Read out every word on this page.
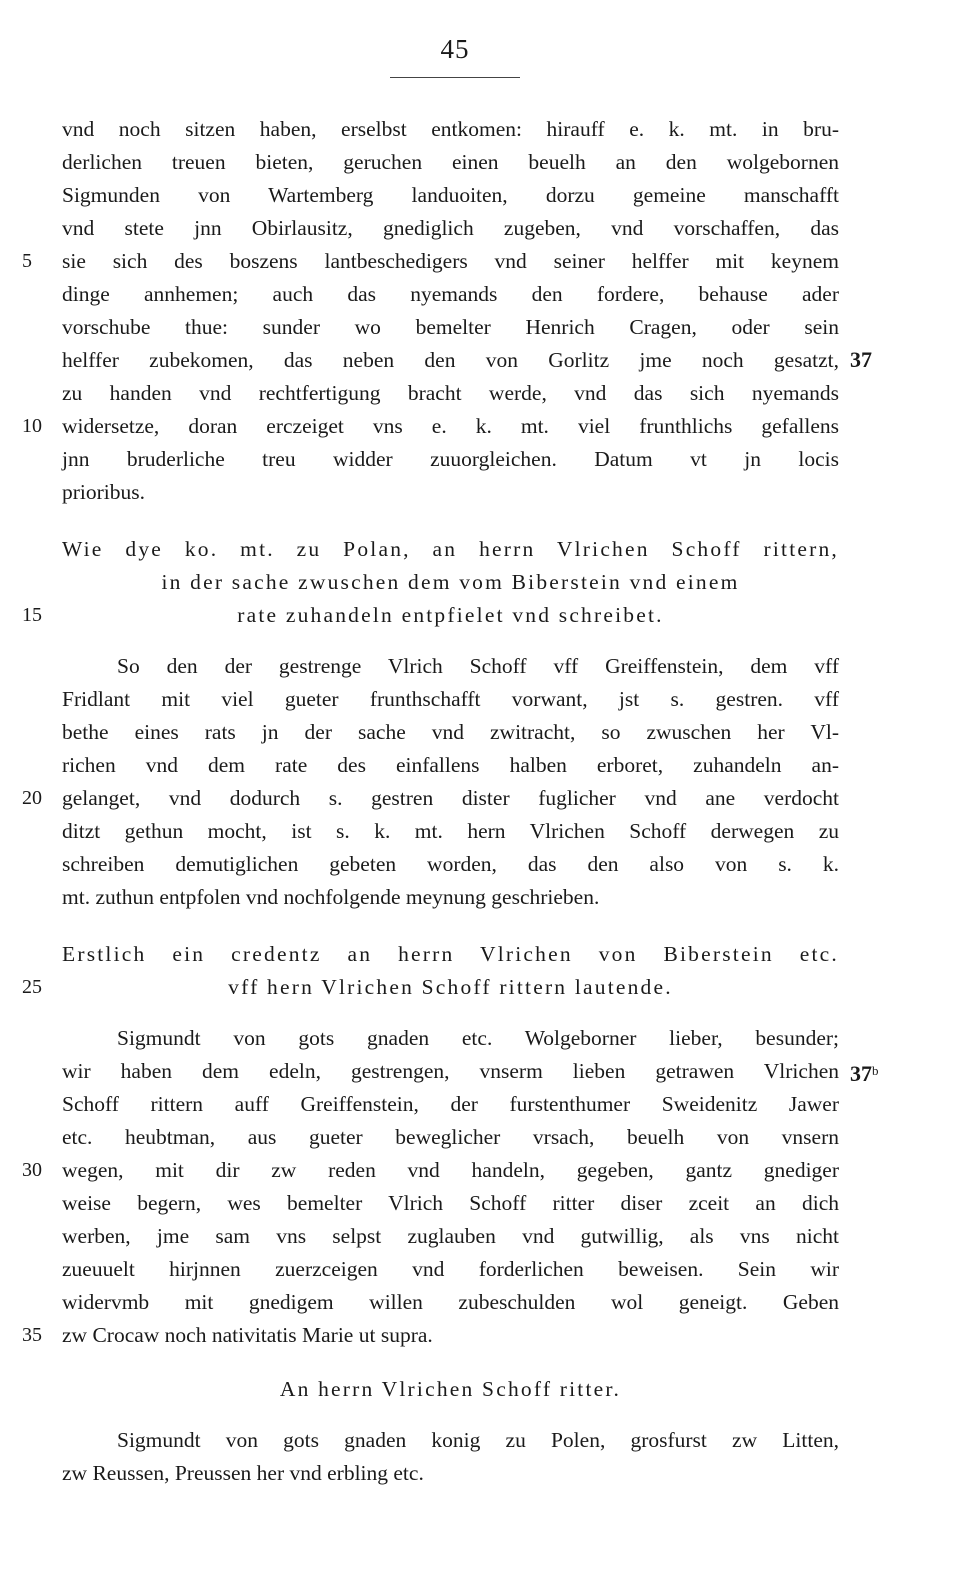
45
vnd noch sitzen haben, erselbst entkomen: hirauff e. k. mt. in bru-
derlichen treuen bieten, geruchen einen beuelh an den wolgebornen
Sigmunden von Wartemberg landuoiten, dorzu gemeine manschafft
vnd stete jnn Obirlausitz, gnediglich zugeben, vnd vorschaffen, das
sie sich des boszens lantbeschedigers vnd seiner helffer mit keynem
dinge annhemen; auch das nyemands den fordere, behause ader
vorschube thue: sunder wo bemelter Henrich Cragen, oder sein
helffer zubekomen, das neben den von Gorlitz jme noch gesatzt,
zu handen vnd rechtfertigung bracht werde, vnd das sich nyemands
widersetze, doran erczeiget vns e. k. mt. viel frunthlichs gefallens
jnn bruderliche treu widder zuuorgleichen. Datum vt jn locis
prioribus.
Wie dye ko. mt. zu Polan, an herrn Vlrichen Schoff rittern,
in der sache zwuschen dem vom Biberstein vnd einem
rate zuhandeln entpfielet vnd schreibet.
So den der gestrenge Vlrich Schoff vff Greiffenstein, dem vff
Fridlant mit viel gueter frunthschafft vorwant, jst s. gestren. vff
bethe eines rats jn der sache vnd zwitracht, so zwuschen her Vl-
richen vnd dem rate des einfallens halben erboret, zuhandeln an-
gelanget, vnd dodurch s. gestren dister fuglicher vnd ane verdocht
ditzt gethun mocht, ist s. k. mt. hern Vlrichen Schoff derwegen zu
schreiben demutiglichen gebeten worden, das den also von s. k.
mt. zuthun entpfolen vnd nochfolgende meynung geschrieben.
Erstlich ein credentz an herrn Vlrichen von Biberstein etc.
vff hern Vlrichen Schoff rittern lautende.
Sigmundt von gots gnaden etc. Wolgeborner lieber, besunder;
wir haben dem edeln, gestrengen, vnserm lieben getrawen Vlrichen
Schoff rittern auff Greiffenstein, der furstenthumer Sweidenitz Jawer
etc. heubtman, aus gueter beweglicher vrsach, beuelh von vnsern
wegen, mit dir zw reden vnd handeln, gegeben, gantz gnediger
weise begern, wes bemelter Vlrich Schoff ritter diser zceit an dich
werben, jme sam vns selpst zuglauben vnd gutwillig, als vns nicht
zueuuelt hirjnnen zuerzceigen vnd forderlichen beweisen. Sein wir
widervmb mit gnedigem willen zubeschulden wol geneigt. Geben
zw Crocaw noch nativitatis Marie ut supra.
An herrn Vlrichen Schoff ritter.
Sigmundt von gots gnaden konig zu Polen, grosfurst zw Litten,
zw Reussen, Preussen her vnd erbling etc.
5
10
15
20
25
30
35
37
37$^b$
